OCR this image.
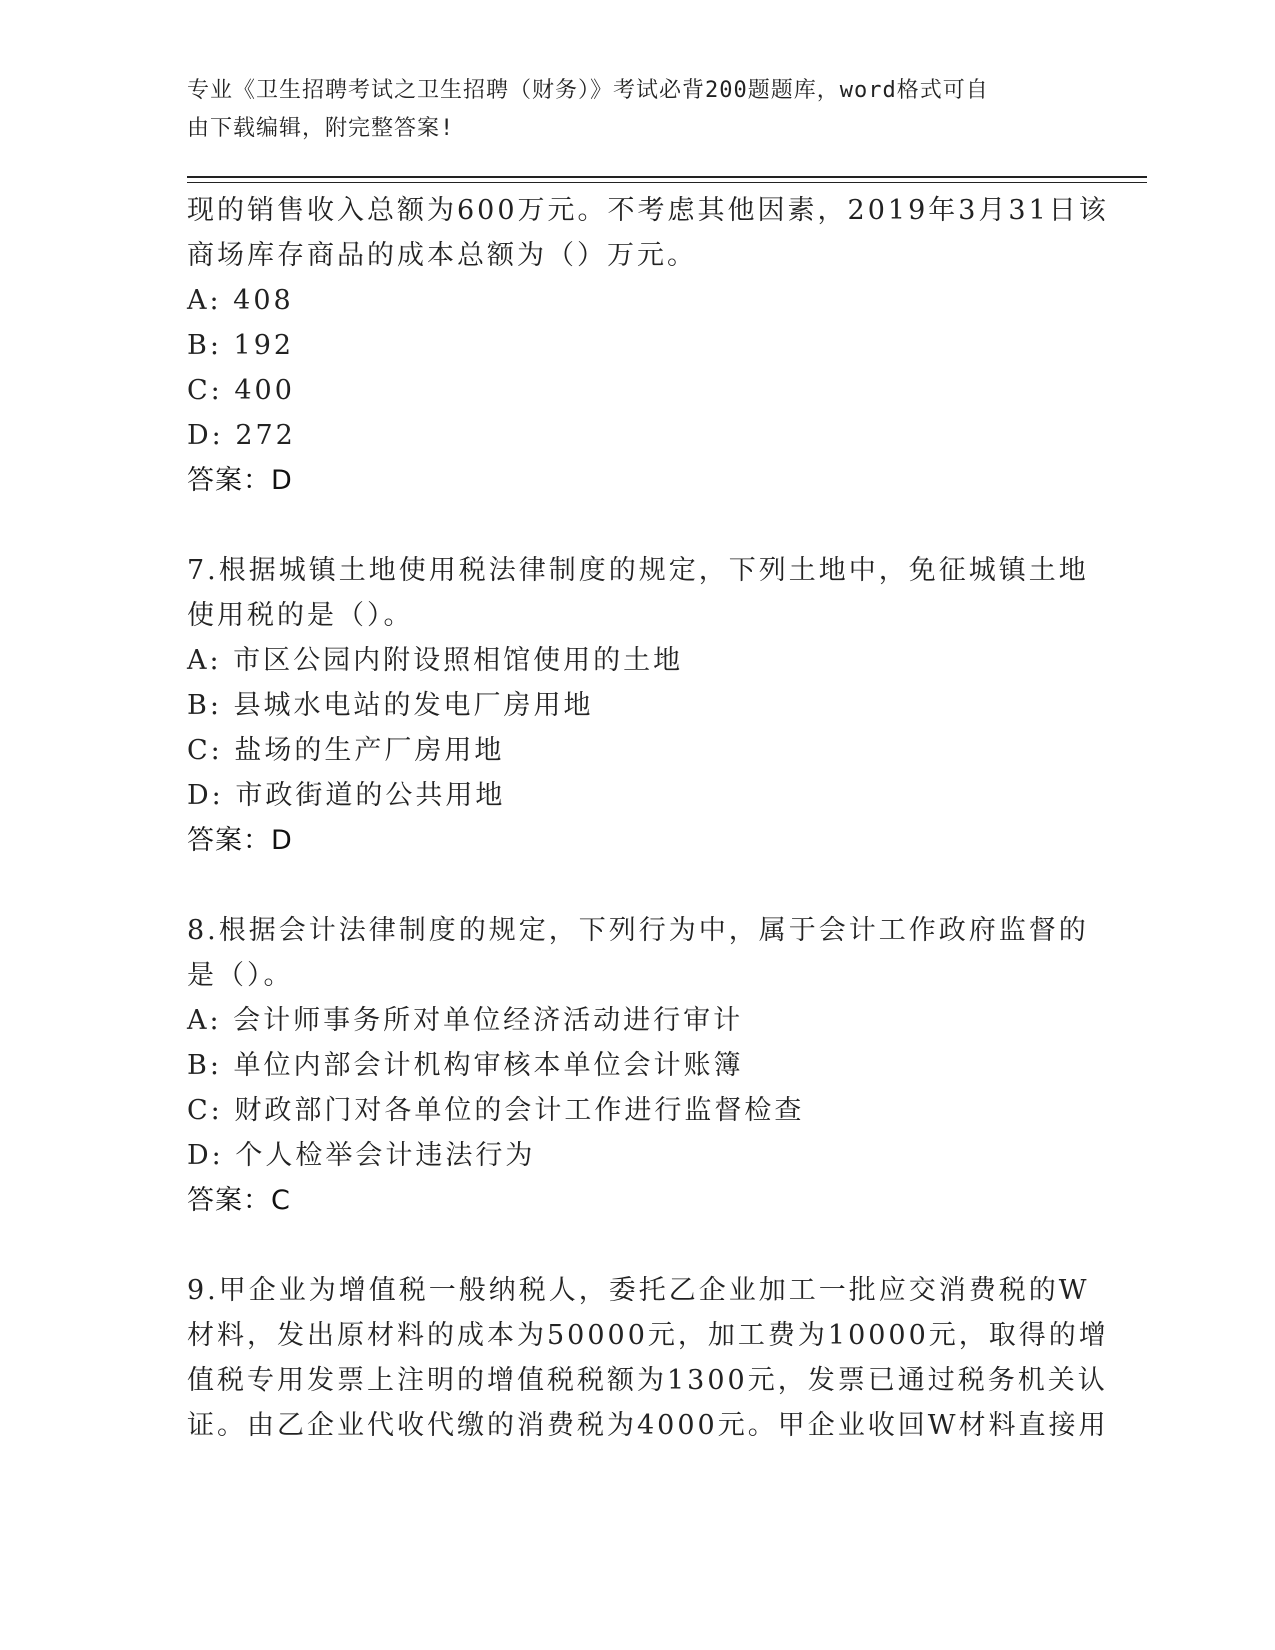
专业《卫生招聘考试之卫生招聘（财务）》考试必背200题题库，word格式可自
由下载编辑，附完整答案!
现的销售收入总额为600万元。不考虑其他因素，2019年3月31日该
商场库存商品的成本总额为（）万元。
A: 408
B: 192
C: 400
D: 272
答案：D
7.根据城镇土地使用税法律制度的规定，下列土地中，免征城镇土地
使用税的是（）。
A: 市区公园内附设照相馆使用的土地
B: 县城水电站的发电厂房用地
C: 盐场的生产厂房用地
D: 市政街道的公共用地
答案：D
8.根据会计法律制度的规定，下列行为中，属于会计工作政府监督的
是（）。
A: 会计师事务所对单位经济活动进行审计
B: 单位内部会计机构审核本单位会计账簿
C: 财政部门对各单位的会计工作进行监督检查
D: 个人检举会计违法行为
答案：C
9.甲企业为增值税一般纳税人，委托乙企业加工一批应交消费税的W
材料，发出原材料的成本为50000元，加工费为10000元，取得的增
值税专用发票上注明的增值税税额为1300元，发票已通过税务机关认
证。由乙企业代收代缴的消费税为4000元。甲企业收回W材料直接用
